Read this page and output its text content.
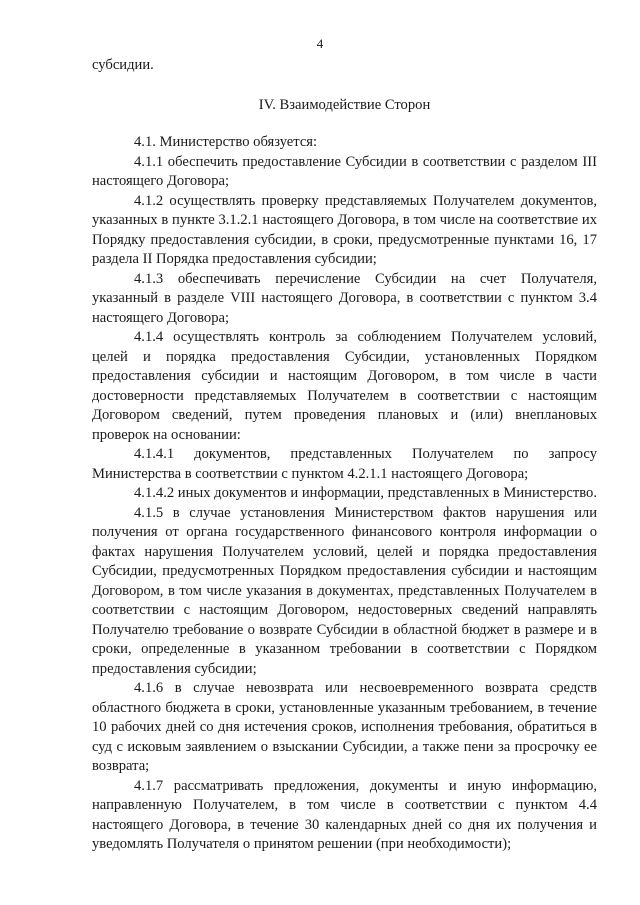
4

субсидии.

IV. Взаимодействие Сторон

4.1. Министерство обязуется:

4.1.1 обеспечить предоставление Субсидии в соответствии с разделом III настоящего Договора;

4.1.2 осуществлять проверку представляемых Получателем документов, указанных в пункте 3.1.2.1 настоящего Договора, в том числе на соответствие их Порядку предоставления субсидии, в сроки, предусмотренные пунктами 16, 17 раздела II Порядка предоставления субсидии;

4.1.3 обеспечивать перечисление Субсидии на счет Получателя, указанный в разделе VIII настоящего Договора, в соответствии с пунктом 3.4 настоящего Договора;

4.1.4 осуществлять контроль за соблюдением Получателем условий, целей и порядка предоставления Субсидии, установленных Порядком предоставления субсидии и настоящим Договором, в том числе в части достоверности представляемых Получателем в соответствии с настоящим Договором сведений, путем проведения плановых и (или) внеплановых проверок на основании:

4.1.4.1 документов, представленных Получателем по запросу Министерства в соответствии с пунктом 4.2.1.1 настоящего Договора;

4.1.4.2 иных документов и информации, представленных в Министерство.

4.1.5 в случае установления Министерством фактов нарушения или получения от органа государственного финансового контроля информации о фактах нарушения Получателем условий, целей и порядка предоставления Субсидии, предусмотренных Порядком предоставления субсидии и настоящим Договором, в том числе указания в документах, представленных Получателем в соответствии с настоящим Договором, недостоверных сведений направлять Получателю требование о возврате Субсидии в областной бюджет в размере и в сроки, определенные в указанном требовании в соответствии с Порядком предоставления субсидии;

4.1.6 в случае невозврата или несвоевременного возврата средств областного бюджета в сроки, установленные указанным требованием, в течение 10 рабочих дней со дня истечения сроков, исполнения требования, обратиться в суд с исковым заявлением о взыскании Субсидии, а также пени за просрочку ее возврата;

4.1.7 рассматривать предложения, документы и иную информацию, направленную Получателем, в том числе в соответствии с пунктом 4.4 настоящего Договора, в течение 30 календарных дней со дня их получения и уведомлять Получателя о принятом решении (при необходимости);
